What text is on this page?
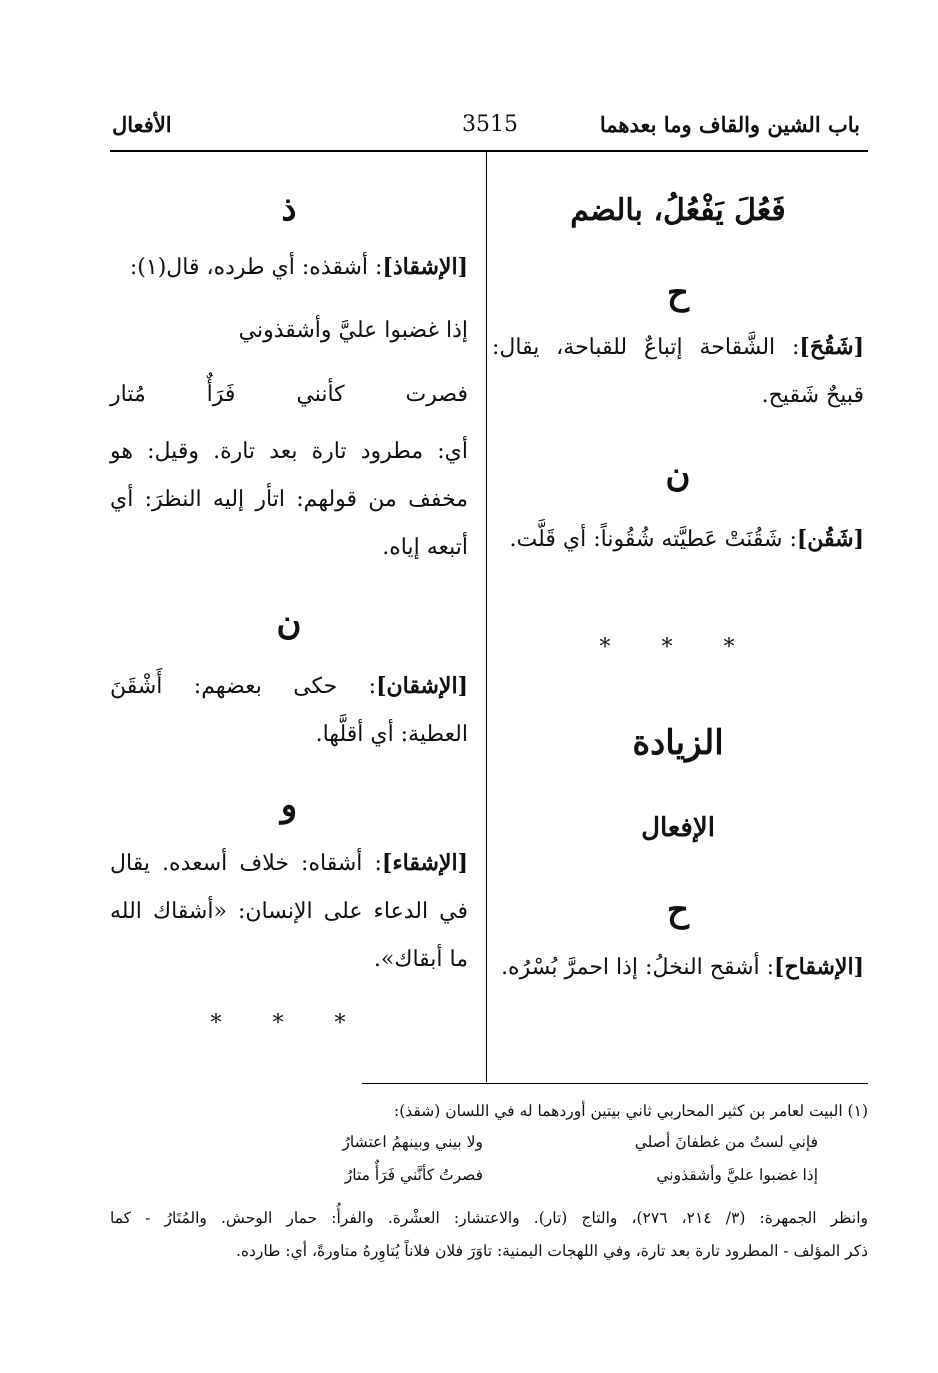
باب الشين والقاف وما بعدهما
3515
الأفعال
فَعُلَ يَفْعُلُ، بالضم
ح
[شَقُحَ]: الشَّقاحة إتباعٌ للقباحة، يقال: قبيحٌ شَقيح.
ن
[شَقُن]: شَقُنَتْ عَطيَّته شُقُوناً: أي قَلَّت.
* * *
الزيادة
الإفعال
ح
[الإشقاح]: أشقح النخلُ: إذا احمرَّ بُسْرُه.
ذ
[الإشقاذ]: أشقذه: أي طرده، قال(١):
إذا غضبوا عليَّ وأشقذوني
فصرت كأنني فَرَأٌ مُتار
أي: مطرود تارة بعد تارة. وقيل: هو مخفف من قولهم: اتأر إليه النظرَ: أي أتبعه إياه.
ن
[الإشقان]: حكى بعضهم: أَشْقَنَ العطية: أي أقلَّها.
و
[الإشقاء]: أشقاه: خلاف أسعده. يقال في الدعاء على الإنسان: «أشقاك الله ما أبقاك».
* * *
(١) البيت لعامر بن كثير المحاربي ثاني بيتين أوردهما له في اللسان (شقذ):
فإني لستُ من غطفانَ أصلي
ولا بيني وبينهمُ اعتشارُ
إذا غضبوا عليَّ وأشقذوني
فصرتُ كأنَّني فَرَأٌ متارُ
وانظر الجمهرة: (٣/ ٢١٤، ٢٧٦)، والتاج (تار). والاعتشار: العشْرة. والفرأُ: حمار الوحش. والمُتَارُ - كما
ذكر المؤلف - المطرود تارة بعد تارة، وفي اللهجات اليمنية: تاوَرَ فلان فلاناً يُتاوِرهُ متاورةً، أي: طارده.
